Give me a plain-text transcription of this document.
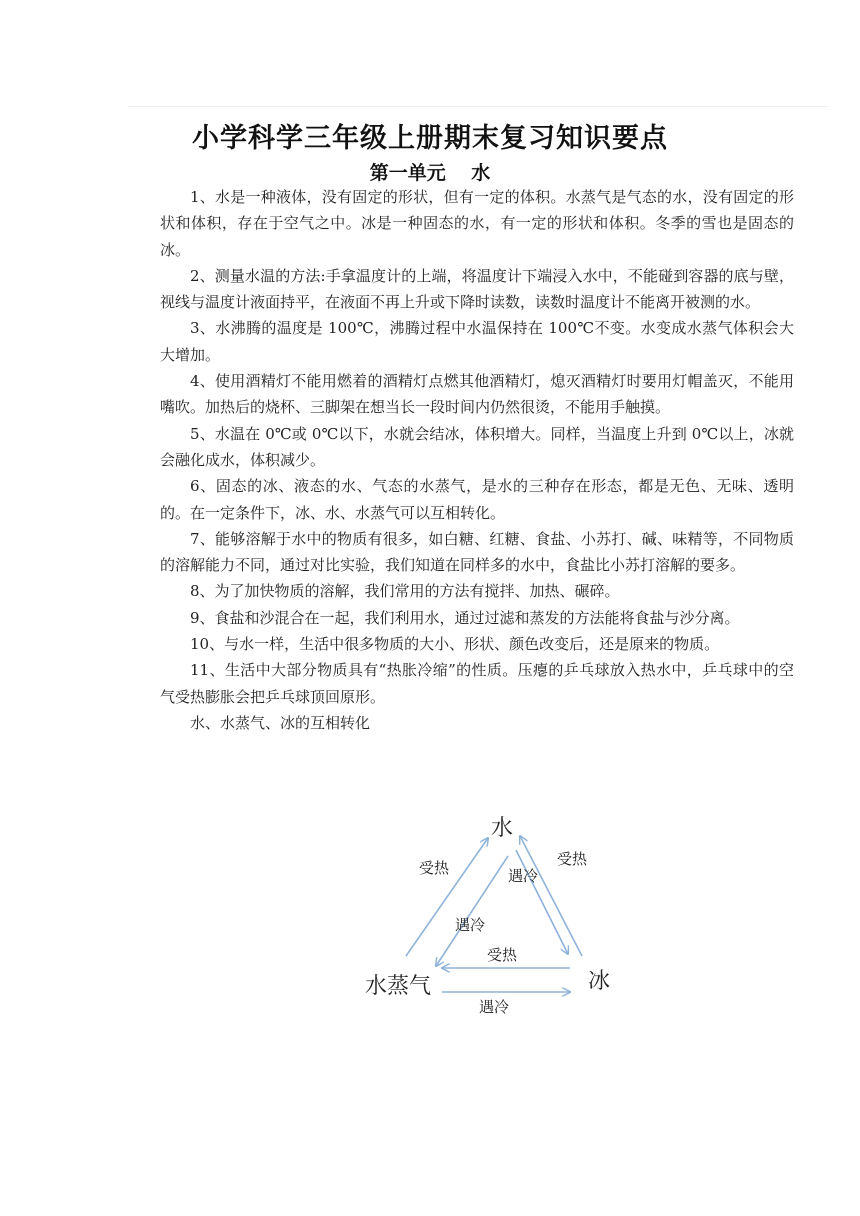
小学科学三年级上册期末复习知识要点
第一单元　 水

1、水是一种液体，没有固定的形状，但有一定的体积。水蒸气是气态的水，没有固定的形状和体积，存在于空气之中。冰是一种固态的水，有一定的形状和体积。冬季的雪也是固态的冰。

2、测量水温的方法:手拿温度计的上端，将温度计下端浸入水中，不能碰到容器的底与壁，视线与温度计液面持平，在液面不再上升或下降时读数，读数时温度计不能离开被测的水。

3、水沸腾的温度是 100℃，沸腾过程中水温保持在 100℃不变。水变成水蒸气体积会大大增加。

4、使用酒精灯不能用燃着的酒精灯点燃其他酒精灯，熄灭酒精灯时要用灯帽盖灭，不能用嘴吹。加热后的烧杯、三脚架在想当长一段时间内仍然很烫，不能用手触摸。

5、水温在 0℃或 0℃以下，水就会结冰，体积增大。同样，当温度上升到 0℃以上，冰就会融化成水，体积减少。

6、固态的冰、液态的水、气态的水蒸气，是水的三种存在形态，都是无色、无味、透明的。在一定条件下，冰、水、水蒸气可以互相转化。

7、能够溶解于水中的物质有很多，如白糖、红糖、食盐、小苏打、碱、味精等，不同物质的溶解能力不同，通过对比实验，我们知道在同样多的水中，食盐比小苏打溶解的要多。

8、为了加快物质的溶解，我们常用的方法有搅拌、加热、碾碎。

9、食盐和沙混合在一起，我们利用水，通过过滤和蒸发的方法能将食盐与沙分离。

10、与水一样，生活中很多物质的大小、形状、颜色改变后，还是原来的物质。

11、生活中大部分物质具有“热胀冷缩”的性质。压瘪的乒乓球放入热水中，乒乓球中的空气受热膨胀会把乒乓球顶回原形。

水、水蒸气、冰的互相转化

水
水蒸气	冰
受热
遇冷
遇冷
受热
受热
遇冷
